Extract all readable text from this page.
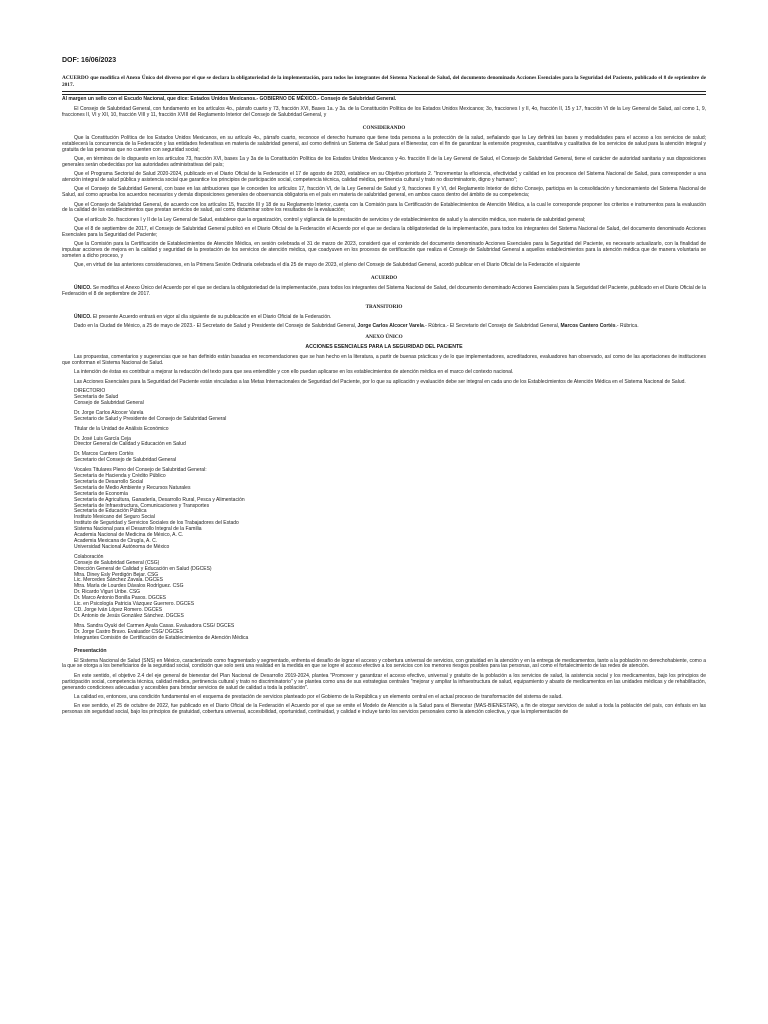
DOF: 16/06/2023
ACUERDO que modifica el Anexo Único del diverso por el que se declara la obligatoriedad de la implementación, para todos los integrantes del Sistema Nacional de Salud, del documento denominado Acciones Esenciales para la Seguridad del Paciente, publicado el 8 de septiembre de 2017.
Al margen un sello con el Escudo Nacional, que dice: Estados Unidos Mexicanos.- GOBIERNO DE MÉXICO.- Consejo de Salubridad General.

El Consejo de Salubridad General, con fundamento en los artículos 4o., párrafo cuarto y 73, fracción XVI, Bases 1a. y 3a. de la Constitución Política de los Estados Unidos Mexicanos; 3o, fracciones I y II, 4o, fracción II, 15 y 17, fracción VI de la Ley General de Salud, así como 1, 9, fracciones II, VI y XII, 10, fracción VIII y 11, fracción XVIII del Reglamento Interior del Consejo de Salubridad General, y

CONSIDERANDO

Que la Constitución Política de los Estados Unidos Mexicanos, en su artículo 4o., párrafo cuarto, reconoce el derecho humano que tiene toda persona a la protección de la salud, señalando que la Ley definirá las bases y modalidades para el acceso a los servicios de salud; establecerá la concurrencia de la Federación y las entidades federativas en materia de salubridad general, así como definirá un Sistema de Salud para el Bienestar, con el fin de garantizar la extensión progresiva, cuantitativa y cualitativa de los servicios de salud para la atención integral y gratuita de las personas que no cuenten con seguridad social;

Que, en términos de lo dispuesto en los artículos 73, fracción XVI, bases 1a y 3a de la Constitución Política de los Estados Unidos Mexicanos y 4o. fracción II de la Ley General de Salud, el Consejo de Salubridad General, tiene el carácter de autoridad sanitaria y sus disposiciones generales serán obedecidas por las autoridades administrativas del país;

Que el Programa Sectorial de Salud 2020-2024, publicado en el Diario Oficial de la Federación el 17 de agosto de 2020, establece en su Objetivo prioritario 2. "Incrementar la eficiencia, efectividad y calidad en los procesos del Sistema Nacional de Salud, para corresponder a una atención integral de salud pública y asistencia social que garantice los principios de participación social, competencia técnica, calidad médica, pertinencia cultural y trato no discriminatorio, digno y humano";

Que el Consejo de Salubridad General, con base en las atribuciones que le conceden los artículos 17, fracción VI, de la Ley General de Salud y 9, fracciones II y VI, del Reglamento Interior de dicho Consejo, participa en la consolidación y funcionamiento del Sistema Nacional de Salud, así como aprueba los acuerdos necesarios y demás disposiciones generales de observancia obligatoria en el país en materia de salubridad general, en ambos casos dentro del ámbito de su competencia;

Que el Consejo de Salubridad General, de acuerdo con los artículos 15, fracción III y 18 de su Reglamento Interior, cuenta con la Comisión para la Certificación de Establecimientos de Atención Médica, a la cual le corresponde proponer los criterios e instrumentos para la evaluación de la calidad de los establecimientos que prestan servicios de salud, así como dictaminar sobre los resultados de la evaluación;

Que el artículo 3o. fracciones I y II de la Ley General de Salud, establece que la organización, control y vigilancia de la prestación de servicios y de establecimientos de salud y la atención médica, son materia de salubridad general;

Que el 8 de septiembre de 2017, el Consejo de Salubridad General publicó en el Diario Oficial de la Federación el Acuerdo por el que se declara la obligatoriedad de la implementación, para todos los integrantes del Sistema Nacional de Salud, del documento denominado Acciones Esenciales para la Seguridad del Paciente;

Que la Comisión para la Certificación de Establecimientos de Atención Médica, en sesión celebrada el 31 de marzo de 2023, consideró que el contenido del documento denominado Acciones Esenciales para la Seguridad del Paciente, es necesario actualizarlo, con la finalidad de impulsar acciones de mejora en la calidad y seguridad de la prestación de los servicios de atención médica, que coadyuven en los procesos de certificación que realiza el Consejo de Salubridad General a aquellos establecimientos para la atención médica que de manera voluntaria se someten a dicho proceso, y

Que, en virtud de las anteriores consideraciones, en la Primera Sesión Ordinaria celebrada el día 25 de mayo de 2023, el pleno del Consejo de Salubridad General, acordó publicar en el Diario Oficial de la Federación el siguiente

ACUERDO

ÚNICO. Se modifica el Anexo Único del Acuerdo por el que se declara la obligatoriedad de la implementación, para todos los integrantes del Sistema Nacional de Salud, del documento denominado Acciones Esenciales para la Seguridad del Paciente, publicado en el Diario Oficial de la Federación el 8 de septiembre de 2017.

TRANSITORIO

ÚNICO. El presente Acuerdo entrará en vigor al día siguiente de su publicación en el Diario Oficial de la Federación.

Dado en la Ciudad de México, a 25 de mayo de 2023.- El Secretario de Salud y Presidente del Consejo de Salubridad General, Jorge Carlos Alcocer Varela.- Rúbrica.- El Secretario del Consejo de Salubridad General, Marcos Cantero Cortés.- Rúbrica.

ANEXO ÚNICO
ACCIONES ESENCIALES PARA LA SEGURIDAD DEL PACIENTE

Las propuestas, comentarios y sugerencias que se han definido están basadas en recomendaciones que se han hecho en la literatura, a partir de buenas prácticas y de lo que implementadores, acreditadores, evaluadores han observado, así como de las aportaciones de instituciones que conforman el Sistema Nacional de Salud.

La intención de éstas es contribuir a mejorar la redacción del texto para que sea entendible y con ello puedan aplicarse en los establecimientos de atención médica en el marco del contexto nacional.

Las Acciones Esenciales para la Seguridad del Paciente están vinculadas a las Metas Internacionales de Seguridad del Paciente, por lo que su aplicación y evaluación debe ser integral en cada uno de los Establecimientos de Atención Médica en el Sistema Nacional de Salud.

DIRECTORIO
Secretaría de Salud
Consejo de Salubridad General
Dr. Jorge Carlos Alcocer Varela
Secretario de Salud y Presidente del Consejo de Salubridad General
Titular de la Unidad de Análisis Económico
Dr. José Luis García Ceja
Director General de Calidad y Educación en Salud
Dr. Marcos Cantero Cortés
Secretario del Consejo de Salubridad General
Vocales Titulares Pleno del Consejo de Salubridad General:
Secretaría de Hacienda y Crédito Público
Secretaría de Desarrollo Social
Secretaría de Medio Ambiente y Recursos Naturales
Secretaría de Economía
Secretaría de Agricultura, Ganadería, Desarrollo Rural, Pesca y Alimentación
Secretaría de Infraestructura, Comunicaciones y Transportes
Secretaría de Educación Pública
Instituto Mexicano del Seguro Social
Instituto de Seguridad y Servicios Sociales de los Trabajadores del Estado
Sistema Nacional para el Desarrollo Integral de la Familia
Academia Nacional de Medicina de México, A. C.
Academia Mexicana de Cirugía, A. C.
Universidad Nacional Autónoma de México
Colaboración
Consejo de Salubridad General (CSG)
Dirección General de Calidad y Educación en Salud (DGCES)
Mtra. Diney Esly Perdigón Bejar. CSG
Lic. Mercedes Sánchez Zavala. DGCES
Mtra. María de Lourdes Dávalos Rodríguez. CSG
Dr. Ricardo Viguri Uribe. CSG
Dr. Marco Antonio Bonilla Pasos. DGCES
Lic. en Psicología Patricia Vázquez Guerrero. DGCES
CD. Jorge Iván López Romero. DGCES
Dr. Antonio de Jesús González Sánchez. DGCES
Mtra. Sandra Oyuki del Carmen Ayala Casas. Evaluadora CSG/ DGCES
Dr. Jorge Castro Bravo. Evaluador CSG/ DGCES
Integrantes Comisión de Certificación de Establecimientos de Atención Médica
Presentación

El Sistema Nacional de Salud (SNS) en México, caracterizado como fragmentado y segmentado, enfrenta el desafío de lograr el acceso y cobertura universal de servicios, con gratuidad en la atención y en la entrega de medicamentos, tanto a la población no derechohabiente, como a la que se otorga a los beneficiarios de la seguridad social, condición que solo será una realidad en la medida en que se logre el acceso efectivo a los servicios con los menores riesgos posibles para las personas, así como el fortalecimiento de las redes de atención.

En este sentido, el objetivo 2.4 del eje general de bienestar del Plan Nacional de Desarrollo 2019-2024, plantea "Promover y garantizar el acceso efectivo, universal y gratuito de la población a los servicios de salud, la asistencia social y los medicamentos, bajo los principios de participación social, competencia técnica, calidad médica, pertinencia cultural y trato no discriminatorio" y se plantea como una de sus estrategias centrales "mejorar y ampliar la infraestructura de salud, equipamiento y abasto de medicamentos en las unidades médicas y de rehabilitación, generando condiciones adecuadas y accesibles para brindar servicios de salud de calidad a toda la población".

La calidad es, entonces, una condición fundamental en el esquema de prestación de servicios planteado por el Gobierno de la República y un elemento central en el actual proceso de transformación del sistema de salud.

En ese sentido, el 25 de octubre de 2022, fue publicado en el Diario Oficial de la Federación el Acuerdo por el que se emite el Modelo de Atención a la Salud para el Bienestar (MAS-BIENESTAR), a fin de otorgar servicios de salud a toda la población del país, con énfasis en las personas sin seguridad social, bajo los principios de gratuidad, cobertura universal, accesibilidad, oportunidad, continuidad, y calidad e incluye tanto los servicios personales como la atención colectiva, y que la implementación de
